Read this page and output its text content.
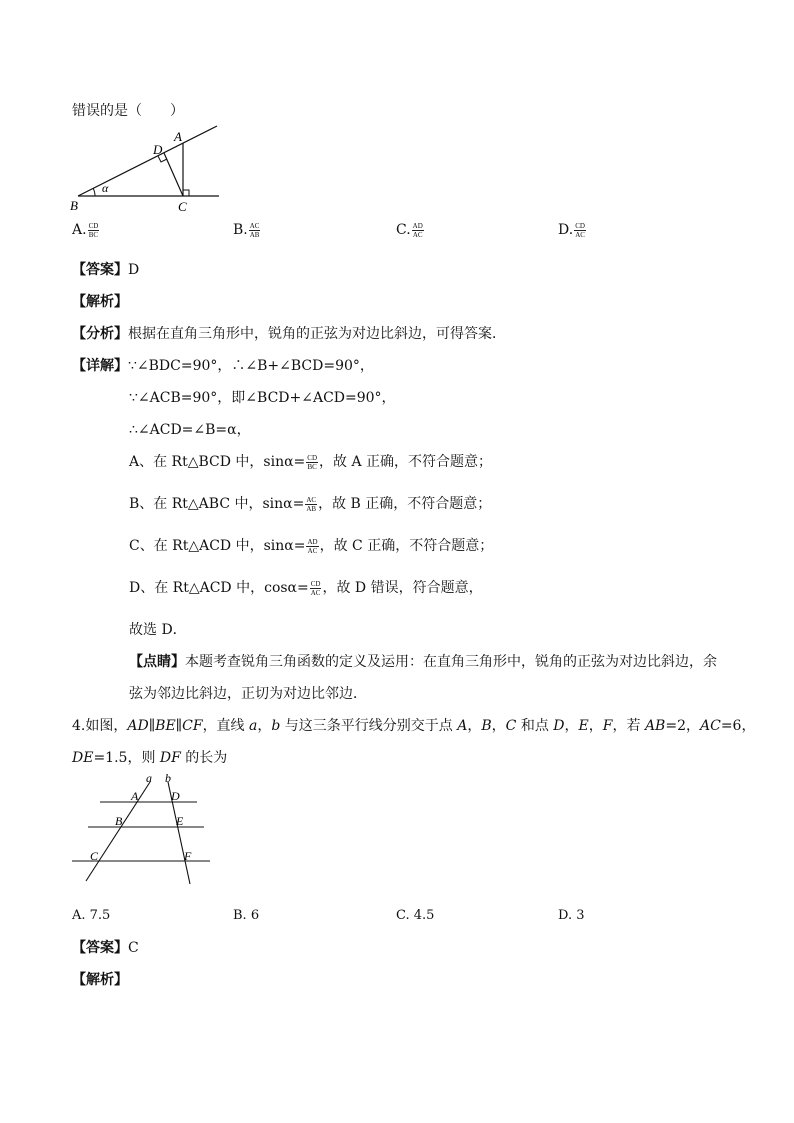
错误的是（　　）
A
D
α
B	C
A. $\frac{CD}{BC}$	B. $\frac{AC}{AB}$	C. $\frac{AD}{AC}$	D. $\frac{CD}{AC}$
【答案】D
【解析】
【分析】根据在直角三角形中，锐角的正弦为对边比斜边，可得答案．
【详解】∵∠BDC=90°，∴∠B+∠BCD=90°，
∵∠ACB=90°，即∠BCD+∠ACD=90°，
∴∠ACD=∠B=α，
A、在 Rt△BCD 中，$\sin\alpha= \frac{CD}{BC}$ ，故 A 正确，不符合题意；
B、在 Rt△ABC 中，$\sin\alpha= \frac{AC}{AB}$ ，故 B 正确，不符合题意；
C、在 Rt△ACD 中，$\sin\alpha= \frac{AD}{AC}$ ，故 C 正确，不符合题意；
D、在 Rt△ACD 中，$\cos\alpha= \frac{CD}{AC}$ ，故 D 错误，符合题意，
故选 D．
【点睛】本题考查锐角三角函数的定义及运用：在直角三角形中，锐角的正弦为对边比斜边，余
弦为邻边比斜边，正切为对边比邻边．
4.如图，AD∥BE∥CF，直线 a，b 与这三条平行线分别交于点 A，B，C 和点 D，E，F，若 AB=2，AC=6，
DE=1.5，则 DF 的长为
a b
A	D
B	E
C	F
A. 7.5	B. 6	C. 4.5	D. 3
【答案】C
【解析】
